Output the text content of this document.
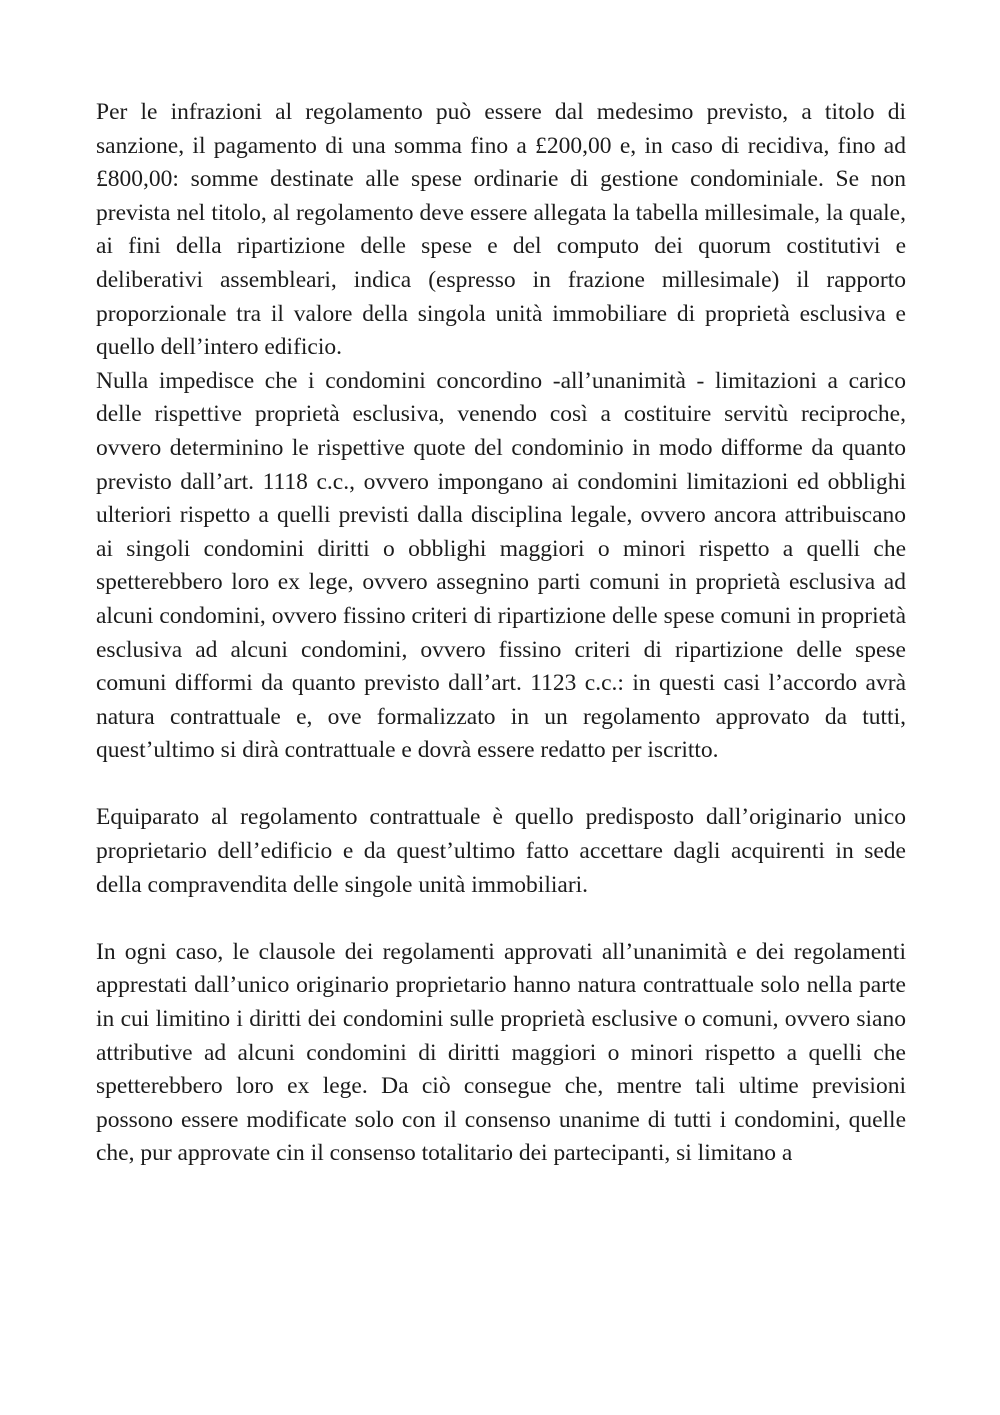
Per le infrazioni al regolamento può essere dal medesimo previsto, a titolo di sanzione, il pagamento di una somma fino a £200,00 e, in caso di recidiva, fino ad £800,00: somme destinate alle spese ordinarie di gestione condominiale. Se non prevista nel titolo, al regolamento deve essere allegata la tabella millesimale, la quale, ai fini della ripartizione delle spese e del computo dei quorum costitutivi e deliberativi assembleari, indica (espresso in frazione millesimale) il rapporto proporzionale tra il valore della singola unità immobiliare di proprietà esclusiva e quello dell’intero edificio.

Nulla impedisce che i condomini concordino -all’unanimità - limitazioni a carico delle rispettive proprietà esclusiva, venendo così a costituire servitù reciproche, ovvero determinino le rispettive quote del condominio in modo difforme da quanto previsto dall’art. 1118 c.c., ovvero impongano ai condomini limitazioni ed obblighi ulteriori rispetto a quelli previsti dalla disciplina legale, ovvero ancora attribuiscano ai singoli condomini diritti o obblighi maggiori o minori rispetto a quelli che spetterebbero loro ex lege, ovvero assegnino parti comuni in proprietà esclusiva ad alcuni condomini, ovvero fissino criteri di ripartizione delle spese comuni in proprietà esclusiva ad alcuni condomini, ovvero fissino criteri di ripartizione delle spese comuni difformi da quanto previsto dall’art. 1123 c.c.: in questi casi l’accordo avrà natura contrattuale e, ove formalizzato in un regolamento approvato da tutti, quest’ultimo si dirà contrattuale e dovrà essere redatto per iscritto.

Equiparato al regolamento contrattuale è quello predisposto dall’originario unico proprietario dell’edificio e da quest’ultimo fatto accettare dagli acquirenti in sede della compravendita delle singole unità immobiliari.

In ogni caso, le clausole dei regolamenti approvati all’unanimità e dei regolamenti apprestati dall’unico originario proprietario hanno natura contrattuale solo nella parte in cui limitino i diritti dei condomini sulle proprietà esclusive o comuni, ovvero siano attributive ad alcuni condomini di diritti maggiori o minori rispetto a quelli che spetterebbero loro ex lege. Da ciò consegue che, mentre tali ultime previsioni possono essere modificate solo con il consenso unanime di tutti i condomini, quelle che, pur approvate cin il consenso totalitario dei partecipanti, si limitano a
